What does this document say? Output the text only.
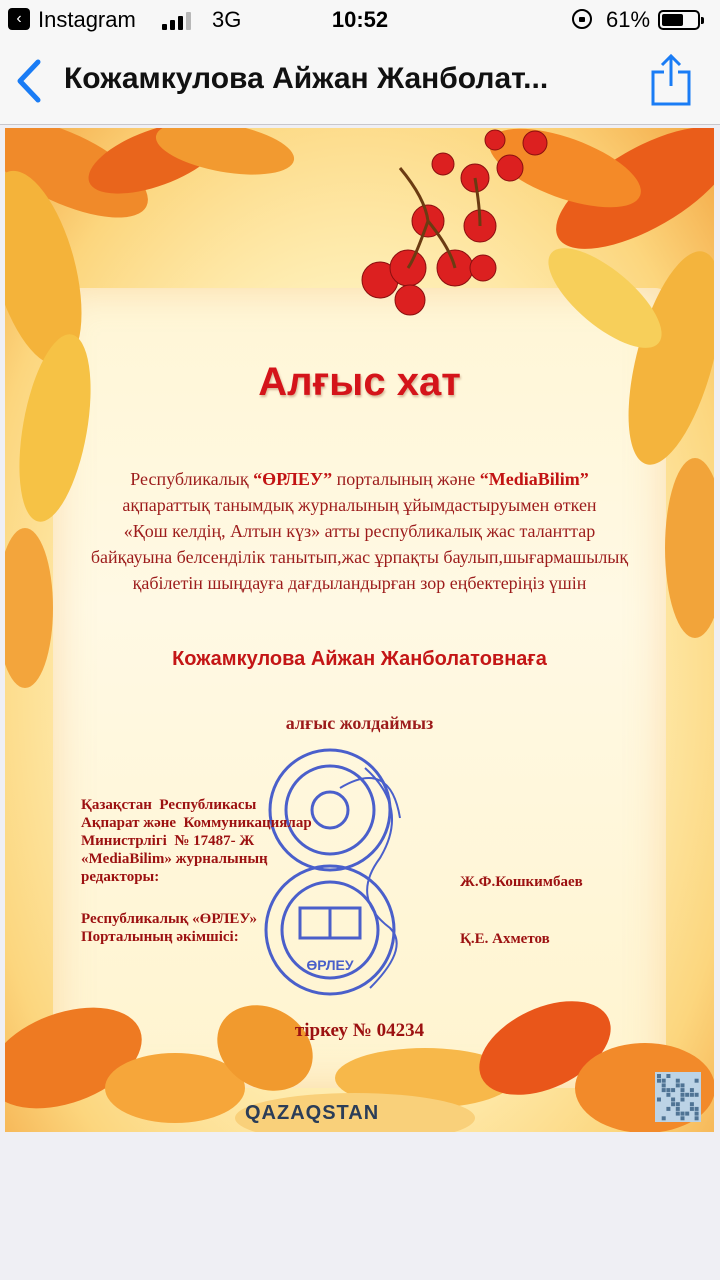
‹ Instagram	3G	10:52	61%
Кожамкулова Айжан Жанболат...
Алғыс хат
Республикалық “ӨРЛЕУ” порталының және “MediaBilim”
ақпараттық танымдық журналының ұйымдастыруымен өткен
«Қош келдің, Алтын күз» атты республикалық жас таланттар
байқауына белсенділік танытып,жас ұрпақты баулып,шығармашылық
қабілетін шыңдауға дағдыландырған зор еңбектеріңіз үшін
Кожамкулова Айжан Жанболатовнаға
алғыс жолдаймыз
ӨРЛЕУ
Қазақстан  Республикасы
Ақпарат және  Коммуникациялар
Министрлігі  № 17487- Ж
«MediaBilim» журналының
редакторы:	Ж.Ф.Кошкимбаев
Республикалық «ӨРЛЕУ»
Порталының әкімшісі:	Қ.Е. Ахметов
тіркеу № 04234
QAZAQSTAN
